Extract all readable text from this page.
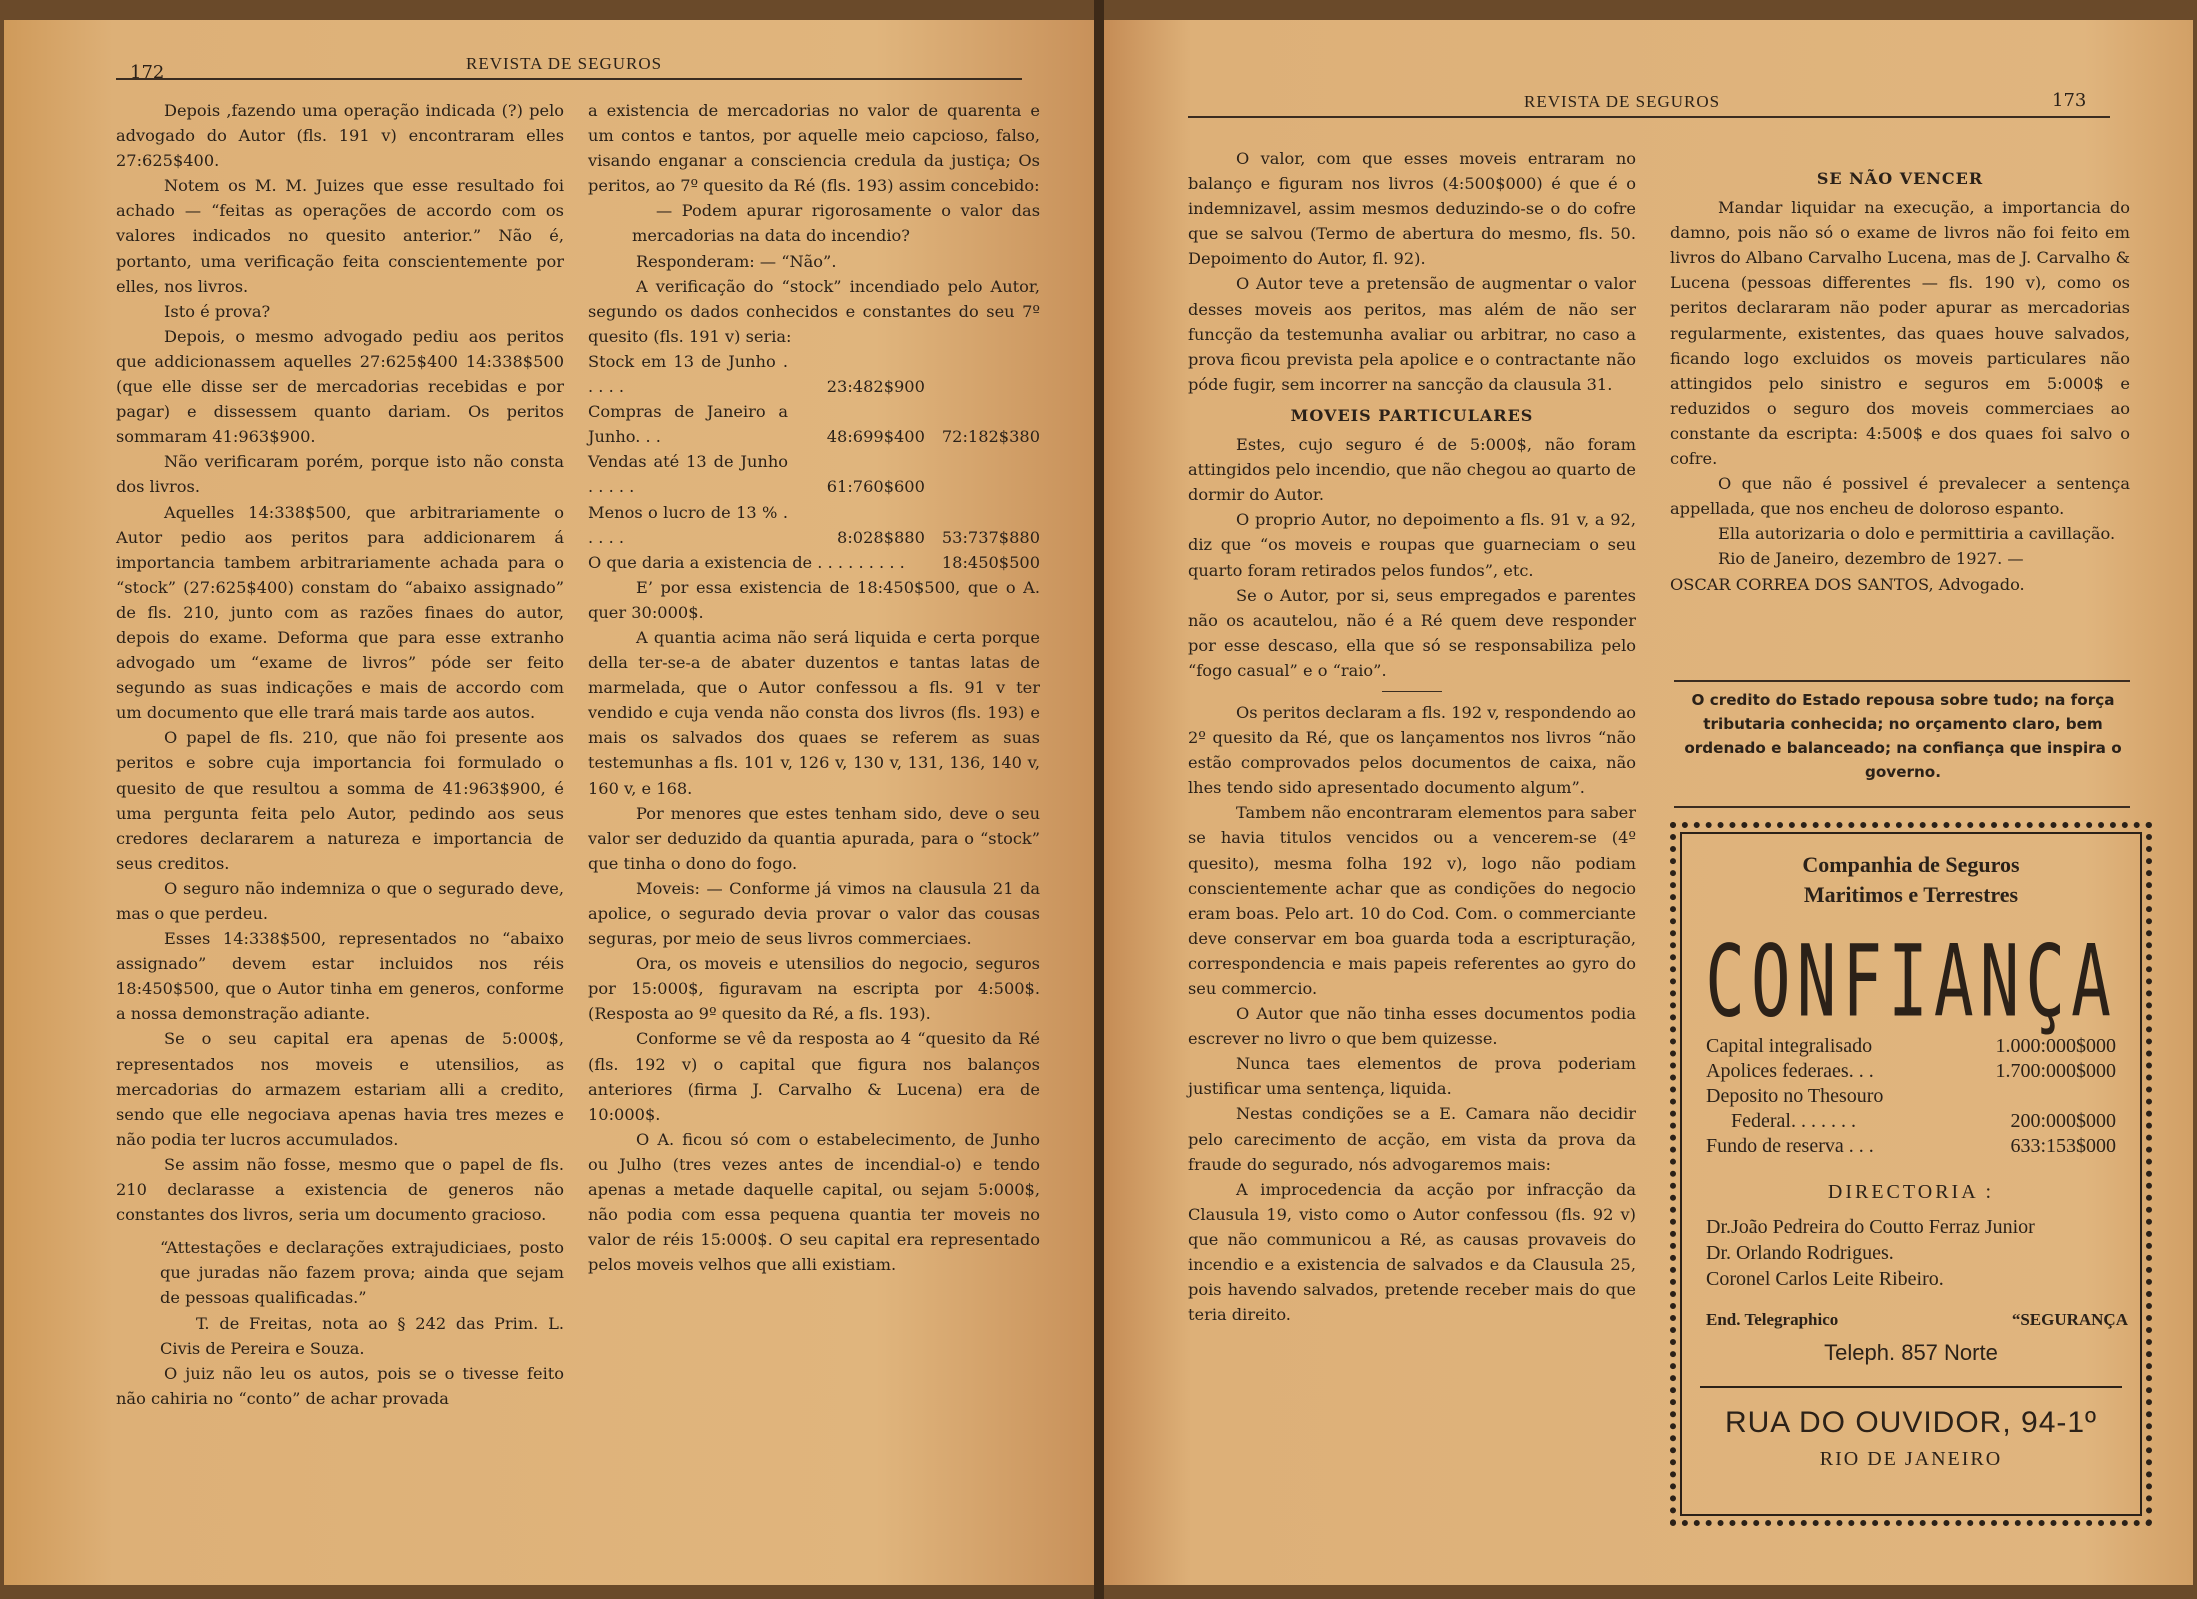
172	REVISTA DE SEGUROS

Depois ,fazendo uma operação indicada (?) pelo advogado do Autor (fls. 191 v) encontraram elles 27:625$400.

Notem os M. M. Juizes que esse resultado foi achado — “feitas as operações de accordo com os valores indicados no quesito anterior.” Não é, portanto, uma verificação feita conscientemente por elles, nos livros.

Isto é prova?

Depois, o mesmo advogado pediu aos peritos que addicionassem aquelles 27:625$400 14:338$500 (que elle disse ser de mercadorias recebidas e por pagar) e dissessem quanto dariam. Os peritos sommaram 41:963$900.

Não verificaram porém, porque isto não consta dos livros.

Aquelles 14:338$500, que arbitrariamente o Autor pedio aos peritos para addicionarem á importancia tambem arbitrariamente achada para o “stock” (27:625$400) constam do “abaixo assignado” de fls. 210, junto com as razões finaes do autor, depois do exame. Deforma que para esse extranho advogado um “exame de livros” póde ser feito segundo as suas indicações e mais de accordo com um documento que elle trará mais tarde aos autos.

O papel de fls. 210, que não foi presente aos peritos e sobre cuja importancia foi formulado o quesito de que resultou a somma de 41:963$900, é uma pergunta feita pelo Autor, pedindo aos seus credores declararem a natureza e importancia de seus creditos.

O seguro não indemniza o que o segurado deve, mas o que perdeu.

Esses 14:338$500, representados no “abaixo assignado” devem estar incluidos nos réis 18:450$500, que o Autor tinha em generos, conforme a nossa demonstração adiante.

Se o seu capital era apenas de 5:000$, representados nos moveis e utensilios, as mercadorias do armazem estariam alli a credito, sendo que elle negociava apenas havia tres mezes e não podia ter lucros accumulados.

Se assim não fosse, mesmo que o papel de fls. 210 declarasse a existencia de generos não constantes dos livros, seria um documento gracioso.

“Attestações e declarações extrajudiciaes, posto que juradas não fazem prova; ainda que sejam de pessoas qualificadas.”

T. de Freitas, nota ao § 242 das Prim. L. Civis de Pereira e Souza.

O juiz não leu os autos, pois se o tivesse feito não cahiria no “conto” de achar provada

a existencia de mercadorias no valor de quarenta e um contos e tantos, por aquelle meio capcioso, falso, visando enganar a consciencia credula da justiça; Os peritos, ao 7º quesito da Ré (fls. 193) assim concebido:

— Podem apurar rigorosamente o valor das mercadorias na data do incendio?

Responderam: — “Não”.

A verificação do “stock” incendiado pelo Autor, segundo os dados conhecidos e constantes do seu 7º quesito (fls. 191 v) seria:

Stock em 13 de Junho . . . . .	23:482$900	
Compras de Janeiro a Junho. . .	48:699$400	72:182$380
Vendas até 13 de Junho . . . . .	61:760$600	
Menos o lucro de 13 % . . . . .	8:028$880	53:737$880
O que daria a existencia de . . . . . . . . .		18:450$500

E’ por essa existencia de 18:450$500, que o A. quer 30:000$.

A quantia acima não será liquida e certa porque della ter-se-a de abater duzentos e tantas latas de marmelada, que o Autor confessou a fls. 91 v ter vendido e cuja venda não consta dos livros (fls. 193) e mais os salvados dos quaes se referem as suas testemunhas a fls. 101 v, 126 v, 130 v, 131, 136, 140 v, 160 v, e 168.

Por menores que estes tenham sido, deve o seu valor ser deduzido da quantia apurada, para o “stock” que tinha o dono do fogo.

Moveis: — Conforme já vimos na clausula 21 da apolice, o segurado devia provar o valor das cousas seguras, por meio de seus livros commerciaes.

Ora, os moveis e utensilios do negocio, seguros por 15:000$, figuravam na escripta por 4:500$. (Resposta ao 9º quesito da Ré, a fls. 193).

Conforme se vê da resposta ao 4 “quesito da Ré (fls. 192 v) o capital que figura nos balanços anteriores (firma J. Carvalho & Lucena) era de 10:000$.

O A. ficou só com o estabelecimento, de Junho ou Julho (tres vezes antes de incendial-o) e tendo apenas a metade daquelle capital, ou sejam 5:000$, não podia com essa pequena quantia ter moveis no valor de réis 15:000$. O seu capital era representado pelos moveis velhos que alli existiam.

REVISTA DE SEGUROS	173

O valor, com que esses moveis entraram no balanço e figuram nos livros (4:500$000) é que é o indemnizavel, assim mesmos deduzindo-se o do cofre que se salvou (Termo de abertura do mesmo, fls. 50. Depoimento do Autor, fl. 92).

O Autor teve a pretensão de augmentar o valor desses moveis aos peritos, mas além de não ser funcção da testemunha avaliar ou arbitrar, no caso a prova ficou prevista pela apolice e o contractante não póde fugir, sem incorrer na sancção da clausula 31.

MOVEIS PARTICULARES

Estes, cujo seguro é de 5:000$, não foram attingidos pelo incendio, que não chegou ao quarto de dormir do Autor.

O proprio Autor, no depoimento a fls. 91 v, a 92, diz que “os moveis e roupas que guarneciam o seu quarto foram retirados pelos fundos”, etc.

Se o Autor, por si, seus empregados e parentes não os acautelou, não é a Ré quem deve responder por esse descaso, ella que só se responsabiliza pelo “fogo casual” e o “raio”.

Os peritos declaram a fls. 192 v, respondendo ao 2º quesito da Ré, que os lançamentos nos livros “não estão comprovados pelos documentos de caixa, não lhes tendo sido apresentado documento algum”.

Tambem não encontraram elementos para saber se havia titulos vencidos ou a vencerem-se (4º quesito), mesma folha 192 v), logo não podiam conscientemente achar que as condições do negocio eram boas. Pelo art. 10 do Cod. Com. o commerciante deve conservar em boa guarda toda a escripturação, correspondencia e mais papeis referentes ao gyro do seu commercio.

O Autor que não tinha esses documentos podia escrever no livro o que bem quizesse.

Nunca taes elementos de prova poderiam justificar uma sentença, liquida.

Nestas condições se a E. Camara não decidir pelo carecimento de acção, em vista da prova da fraude do segurado, nós advogaremos mais:

A improcedencia da acção por infracção da Clausula 19, visto como o Autor confessou (fls. 92 v) que não communicou a Ré, as causas provaveis do incendio e a existencia de salvados e da Clausula 25, pois havendo salvados, pretende receber mais do que teria direito.

SE NÃO VENCER

Mandar liquidar na execução, a importancia do damno, pois não só o exame de livros não foi feito em livros do Albano Carvalho Lucena, mas de J. Carvalho & Lucena (pessoas differentes — fls. 190 v), como os peritos declararam não poder apurar as mercadorias regularmente, existentes, das quaes houve salvados, ficando logo excluidos os moveis particulares não attingidos pelo sinistro e seguros em 5:000$ e reduzidos o seguro dos moveis commerciaes ao constante da escripta: 4:500$ e dos quaes foi salvo o cofre.

O que não é possivel é prevalecer a sentença appellada, que nos encheu de doloroso espanto.

Ella autorizaria o dolo e permittiria a cavillação.

Rio de Janeiro, dezembro de 1927. —

OSCAR CORREA DOS SANTOS, Advogado.

O credito do Estado repousa sobre tudo; na força tributaria conhecida; no orçamento claro, bem ordenado e balanceado; na confiança que inspira o governo.
Companhia de Seguros
Maritimos e Terrestres
CONFIANÇA
Capital integralisado	1.000:000$000
Apolices federaes. . .	1.700:000$000
Deposito no Thesouro
Federal. . . . . . .	200:000$000
Fundo de reserva . . .	633:153$000
DIRECTORIA :
Dr.João Pedreira do Coutto Ferraz Junior
Dr. Orlando Rodrigues.
Coronel Carlos Leite Ribeiro.
End. Telegraphico	“SEGURANÇA
Teleph. 857 Norte
RUA DO OUVIDOR, 94-1º
RIO DE JANEIRO
